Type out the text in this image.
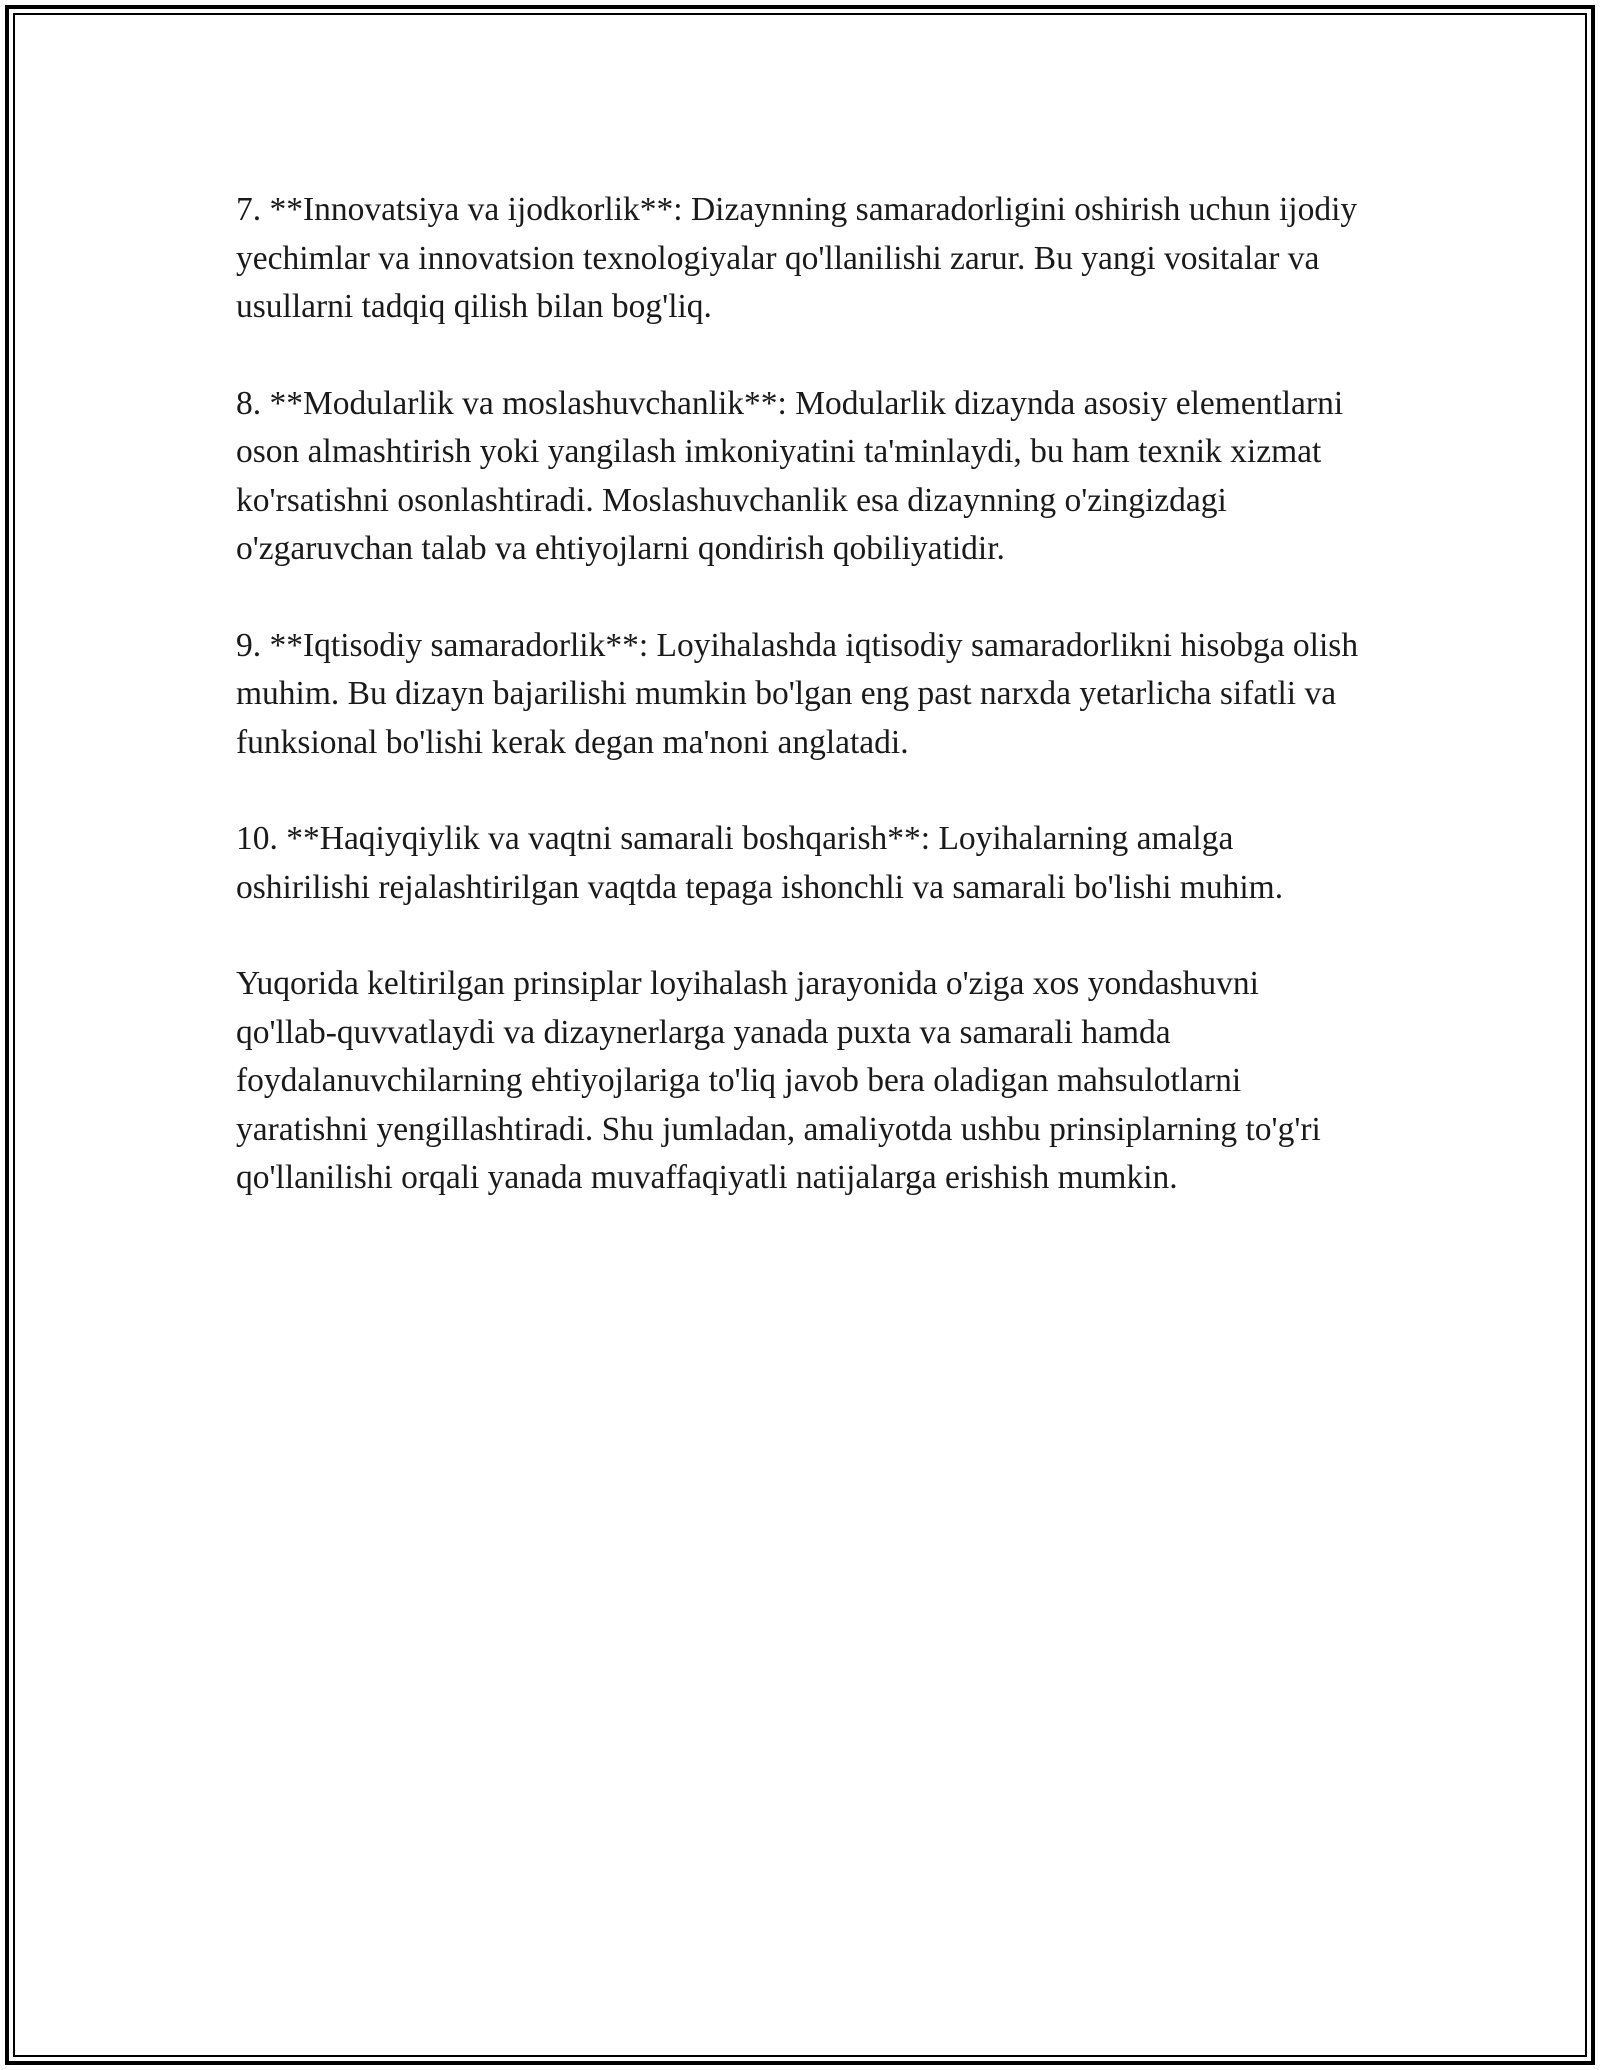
7. **Innovatsiya va ijodkorlik**: Dizaynning samaradorligini oshirish uchun ijodiy yechimlar va innovatsion texnologiyalar qo'llanilishi zarur. Bu yangi vositalar va usullarni tadqiq qilish bilan bog'liq.

8. **Modularlik va moslashuvchanlik**: Modularlik dizaynda asosiy elementlarni oson almashtirish yoki yangilash imkoniyatini ta'minlaydi, bu ham texnik xizmat ko'rsatishni osonlashtiradi. Moslashuvchanlik esa dizaynning o'zingizdagi o'zgaruvchan talab va ehtiyojlarni qondirish qobiliyatidir.

9. **Iqtisodiy samaradorlik**: Loyihalashda iqtisodiy samaradorlikni hisobga olish muhim. Bu dizayn bajarilishi mumkin bo'lgan eng past narxda yetarlicha sifatli va funksional bo'lishi kerak degan ma'noni anglatadi.

10. **Haqiyqiylik va vaqtni samarali boshqarish**: Loyihalarning amalga oshirilishi rejalashtirilgan vaqtda tepaga ishonchli va samarali bo'lishi muhim.

Yuqorida keltirilgan prinsiplar loyihalash jarayonida o'ziga xos yondashuvni qo'llab-quvvatlaydi va dizaynerlarga yanada puxta va samarali hamda foydalanuvchilarning ehtiyojlariga to'liq javob bera oladigan mahsulotlarni yaratishni yengillashtiradi. Shu jumladan, amaliyotda ushbu prinsiplarning to'g'ri qo'llanilishi orqali yanada muvaffaqiyatli natijalarga erishish mumkin.
